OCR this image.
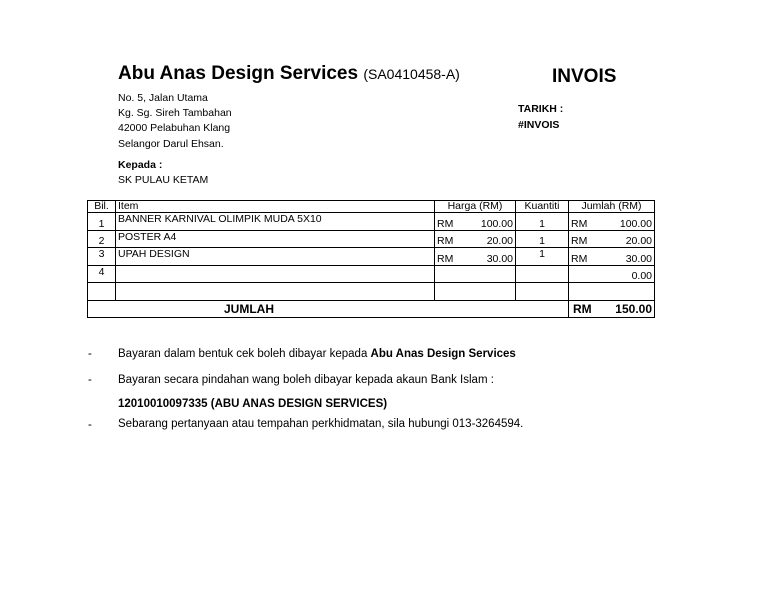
Abu Anas Design Services (SA0410458-A)	INVOIS
No. 5, Jalan Utama
Kg. Sg. Sireh Tambahan
42000 Pelabuhan Klang
Selangor Darul Ehsan.
TARIKH :
#INVOIS
Kepada :
SK PULAU KETAM
Bil.	Item	Harga (RM)		Kuantiti	Jumlah (RM)	
1	BANNER KARNIVAL OLIMPIK MUDA 5X10	RM	100.00	1	RM	100.00
2	POSTER A4	RM	20.00	1	RM	20.00
3	UPAH DESIGN	RM	30.00	1	RM	30.00
4						0.00

JUMLAH					RM	150.00
- Bayaran dalam bentuk cek boleh dibayar kepada Abu Anas Design Services
- Bayaran secara pindahan wang boleh dibayar kepada akaun Bank Islam :
12010010097335 (ABU ANAS DESIGN SERVICES)
- Sebarang pertanyaan atau tempahan perkhidmatan, sila hubungi 013-3264594.
